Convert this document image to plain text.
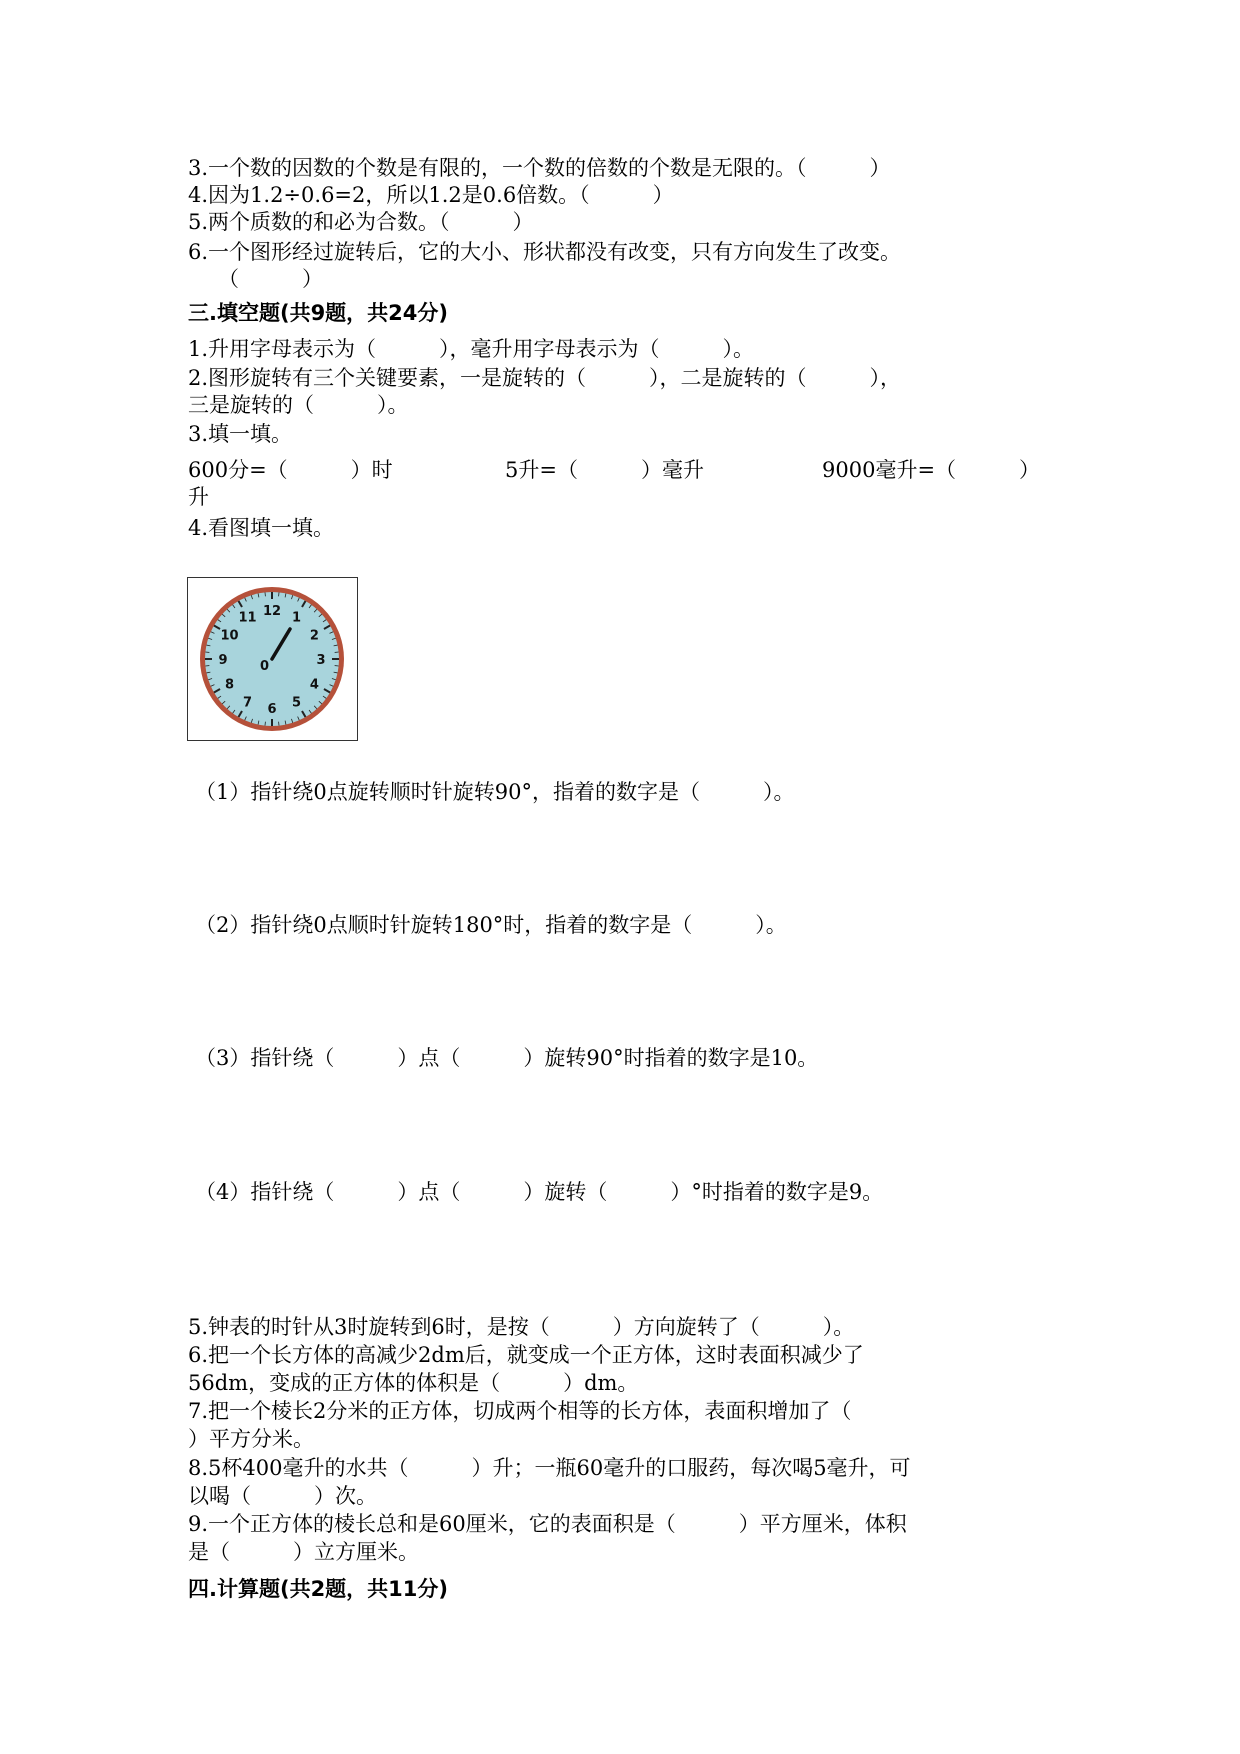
3.一个数的因数的个数是有限的，一个数的倍数的个数是无限的。（　　　）
4.因为1.2÷0.6=2，所以1.2是0.6倍数。（　　　）
5.两个质数的和必为合数。（　　　）
6.一个图形经过旋转后，它的大小、形状都没有改变，只有方向发生了改变。
（　　　）
三.填空题(共9题，共24分)
1.升用字母表示为（　　　），毫升用字母表示为（　　　）。
2.图形旋转有三个关键要素，一是旋转的（　　　），二是旋转的（　　　），
三是旋转的（　　　）。
3.填一填。
600分=（　　　）时	5升=（　　　）毫升	9000毫升=（　　　）
升
4.看图填一填。
12 1
2
3
4
5
6
7
8
9
10
11
0
（1）指针绕0点旋转顺时针旋转90°，指着的数字是（　　　）。
（2）指针绕0点顺时针旋转180°时，指着的数字是（　　　）。
（3）指针绕（　　　）点（　　　）旋转90°时指着的数字是10。
（4）指针绕（　　　）点（　　　）旋转（　　　）°时指着的数字是9。
5.钟表的时针从3时旋转到6时，是按（　　　）方向旋转了（　　　）。
6.把一个长方体的高减少2dm后，就变成一个正方体，这时表面积减少了
56dm，变成的正方体的体积是（　　　）dm。
7.把一个棱长2分米的正方体，切成两个相等的长方体，表面积增加了（
）平方分米。
8.5杯400毫升的水共（　　　）升；一瓶60毫升的口服药，每次喝5毫升，可
以喝（　　　）次。
9.一个正方体的棱长总和是60厘米，它的表面积是（　　　）平方厘米，体积
是（　　　）立方厘米。
四.计算题(共2题，共11分)
